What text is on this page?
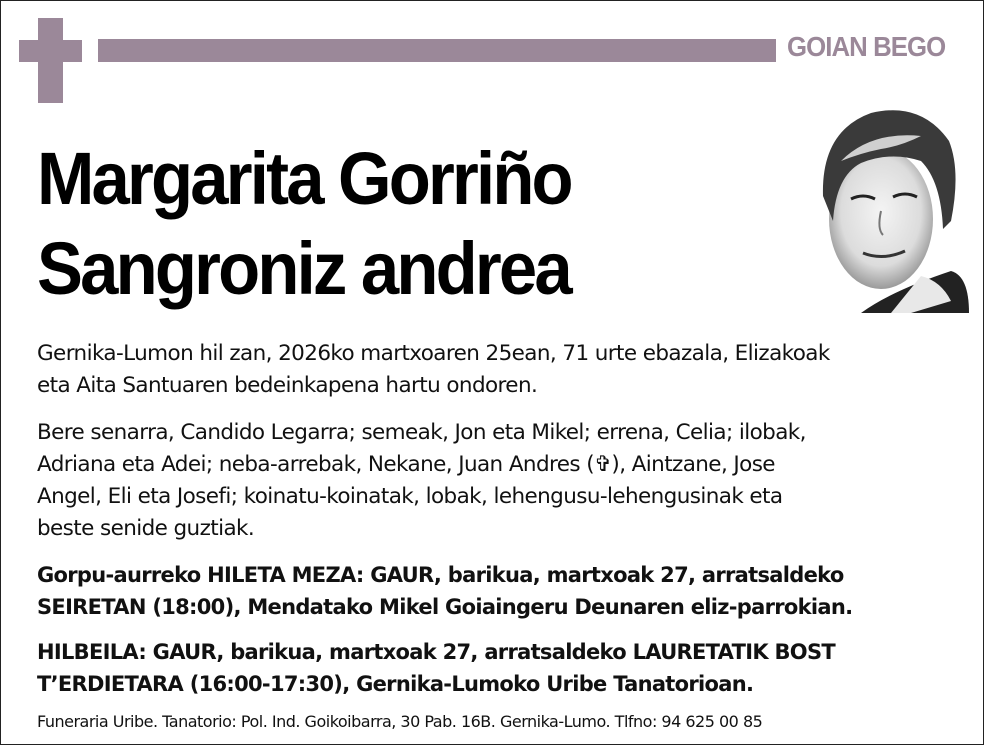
GOIAN BEGO
Margarita Gorriño
Sangroniz andrea
Gernika-Lumon hil zan, 2026ko martxoaren 25ean, 71 urte ebazala, Elizakoak
eta Aita Santuaren bedeinkapena hartu ondoren.
Bere senarra, Candido Legarra; semeak, Jon eta Mikel; errena, Celia; ilobak,
Adriana eta Adei; neba-arrebak, Nekane, Juan Andres (✞), Aintzane, Jose
Angel, Eli eta Josefi; koinatu-koinatak, lobak, lehengusu-lehengusinak eta
beste senide guztiak.
Gorpu-aurreko HILETA MEZA: GAUR, barikua, martxoak 27, arratsaldeko
SEIRETAN (18:00), Mendatako Mikel Goiaingeru Deunaren eliz-parrokian.
HILBEILA: GAUR, barikua, martxoak 27, arratsaldeko LAURETATIK BOST
T’ERDIETARA (16:00-17:30), Gernika-Lumoko Uribe Tanatorioan.
Funeraria Uribe. Tanatorio: Pol. Ind. Goikoibarra, 30 Pab. 16B. Gernika-Lumo. Tlfno: 94 625 00 85
